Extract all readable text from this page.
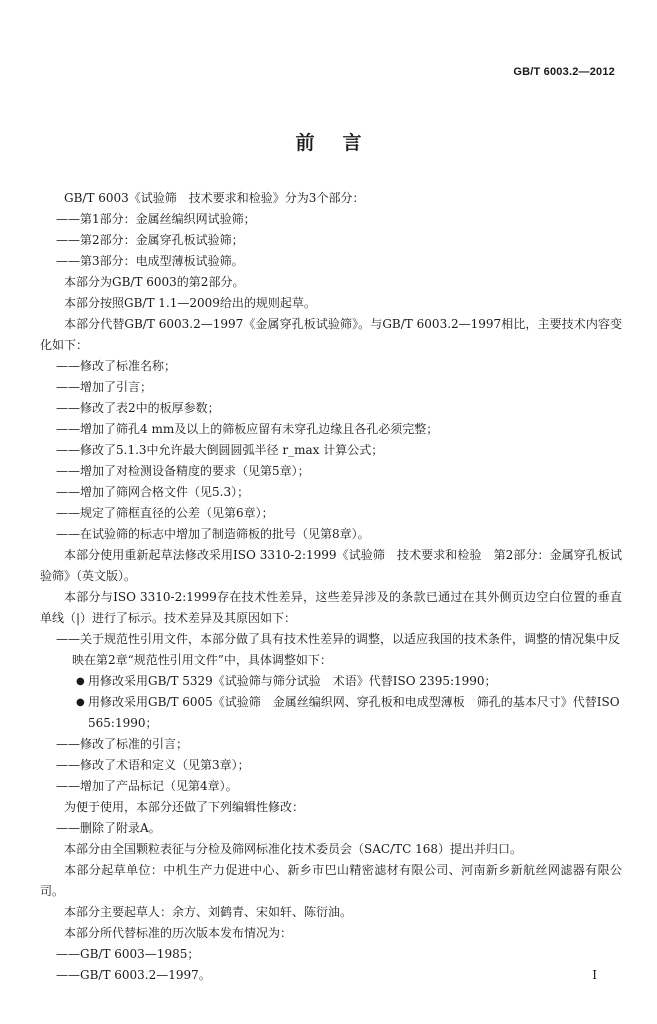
GB/T 6003.2—2012
前言
GB/T 6003《试验筛　技术要求和检验》分为3个部分：
——第1部分：金属丝编织网试验筛；
——第2部分：金属穿孔板试验筛；
——第3部分：电成型薄板试验筛。
本部分为GB/T 6003的第2部分。
本部分按照GB/T 1.1—2009给出的规则起草。
本部分代替GB/T 6003.2—1997《金属穿孔板试验筛》。与GB/T 6003.2—1997相比，主要技术内容变化如下：
——修改了标准名称；
——增加了引言；
——修改了表2中的板厚参数；
——增加了筛孔4 mm及以上的筛板应留有未穿孔边缘且各孔必须完整；
——修改了5.1.3中允许最大倒圆圆弧半径 r_max 计算公式；
——增加了对检测设备精度的要求（见第5章）；
——增加了筛网合格文件（见5.3）；
——规定了筛框直径的公差（见第6章）；
——在试验筛的标志中增加了制造筛板的批号（见第8章）。
本部分使用重新起草法修改采用ISO 3310-2:1999《试验筛　技术要求和检验　第2部分：金属穿孔板试验筛》（英文版）。
本部分与ISO 3310-2:1999存在技术性差异，这些差异涉及的条款已通过在其外侧页边空白位置的垂直单线（|）进行了标示。技术差异及其原因如下：
——关于规范性引用文件，本部分做了具有技术性差异的调整，以适应我国的技术条件，调整的情况集中反映在第2章“规范性引用文件”中，具体调整如下：
● 用修改采用GB/T 5329《试验筛与筛分试验　术语》代替ISO 2395:1990；
● 用修改采用GB/T 6005《试验筛　金属丝编织网、穿孔板和电成型薄板　筛孔的基本尺寸》代替ISO 565:1990；
——修改了标准的引言；
——修改了术语和定义（见第3章）；
——增加了产品标记（见第4章）。
为便于使用，本部分还做了下列编辑性修改：
——删除了附录A。
本部分由全国颗粒表征与分检及筛网标准化技术委员会（SAC/TC 168）提出并归口。
本部分起草单位：中机生产力促进中心、新乡市巴山精密滤材有限公司、河南新乡新航丝网滤器有限公司。
本部分主要起草人：余方、刘鹤青、宋如轩、陈衍油。
本部分所代替标准的历次版本发布情况为：
——GB/T 6003—1985；
——GB/T 6003.2—1997。	I
